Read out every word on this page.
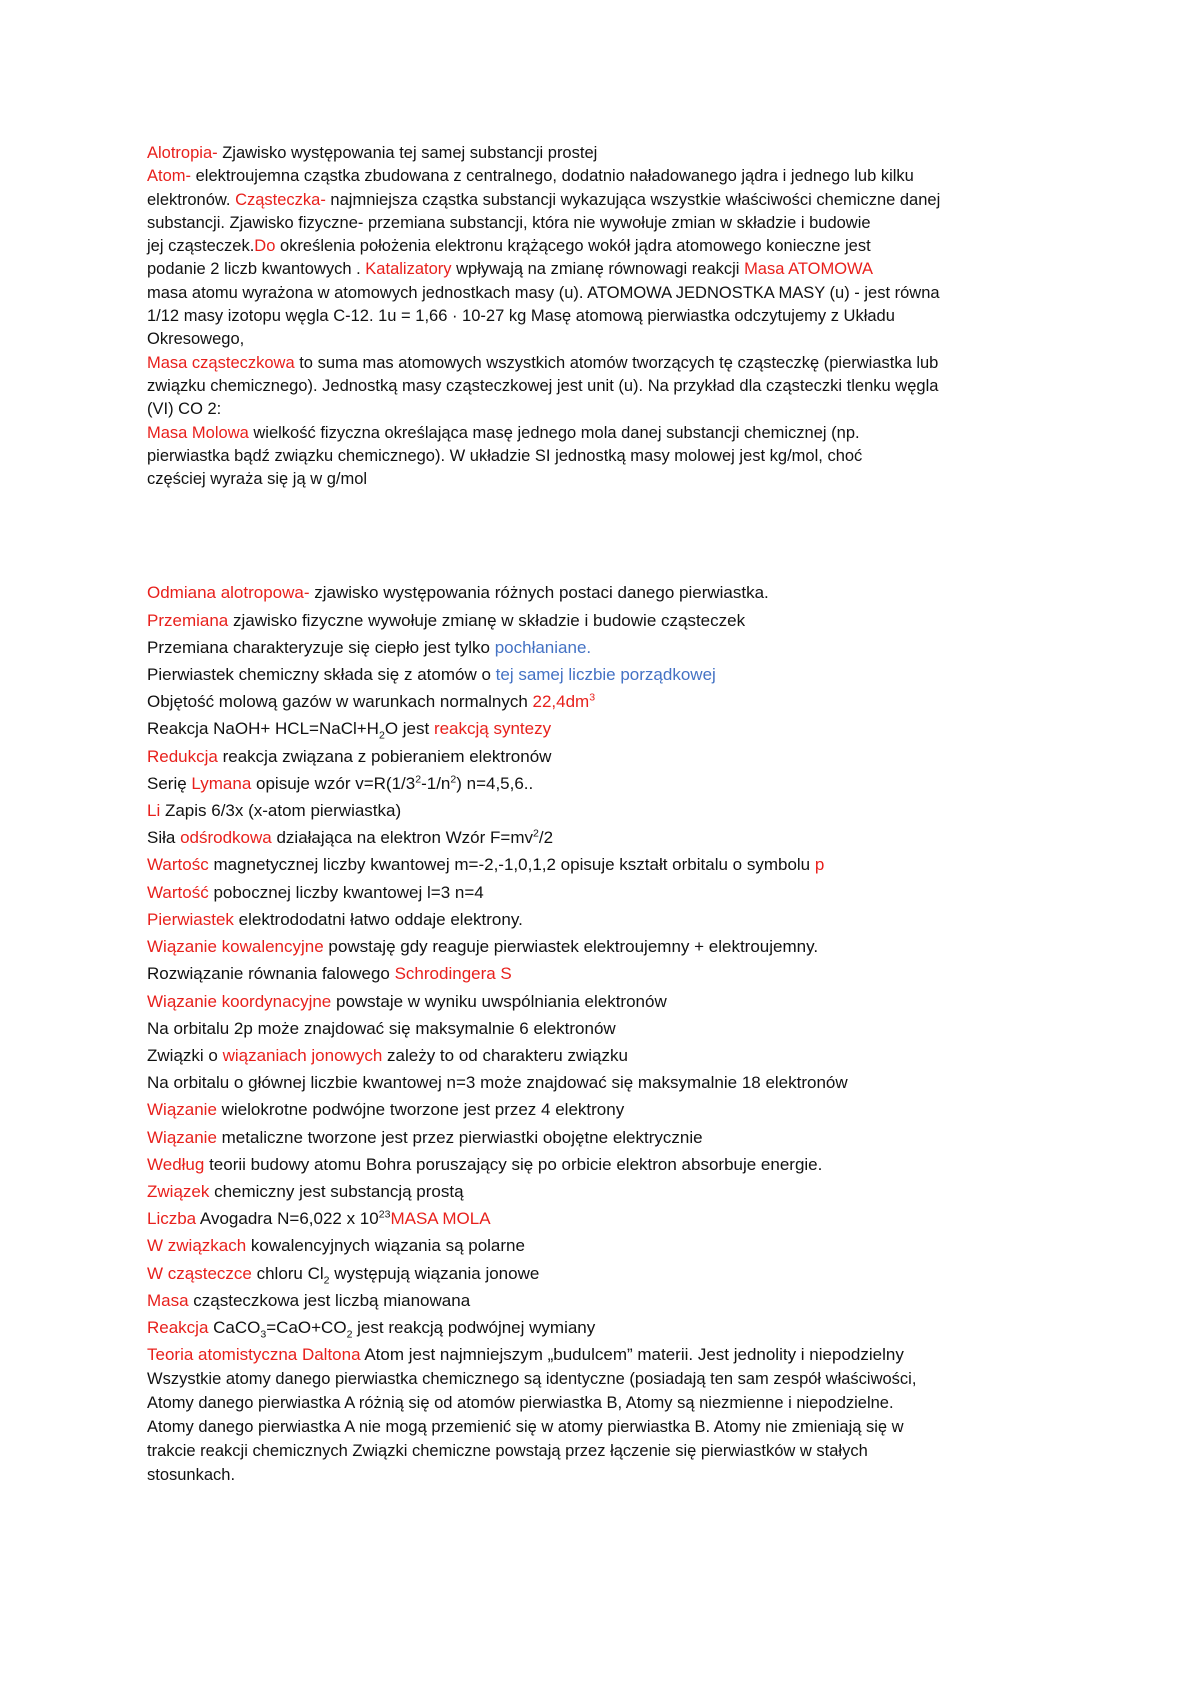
Alotropia- Zjawisko występowania tej samej substancji prostej
Atom- elektroujemna cząstka zbudowana z centralnego, dodatnio naładowanego jądra i jednego lub kilku
elektronów. Cząsteczka- najmniejsza cząstka substancji wykazująca wszystkie właściwości chemiczne danej
substancji. Zjawisko fizyczne- przemiana substancji, która nie wywołuje zmian w składzie i budowie
jej cząsteczek.Do określenia położenia elektronu krążącego wokół jądra atomowego konieczne jest
podanie 2 liczb kwantowych . Katalizatory wpływają na zmianę równowagi reakcji Masa ATOMOWA
masa atomu wyrażona w atomowych jednostkach masy (u). ATOMOWA JEDNOSTKA MASY (u) - jest równa
1/12 masy izotopu węgla C-12. 1u = 1,66 · 10-27 kg Masę atomową pierwiastka odczytujemy z Układu
Okresowego,
Masa cząsteczkowa to suma mas atomowych wszystkich atomów tworzących tę cząsteczkę (pierwiastka lub
związku chemicznego). Jednostką masy cząsteczkowej jest unit (u). Na przykład dla cząsteczki tlenku węgla
(VI) CO 2:
Masa Molowa wielkość fizyczna określająca masę jednego mola danej substancji chemicznej (np.
pierwiastka bądź związku chemicznego). W układzie SI jednostką masy molowej jest kg/mol, choć
częściej wyraża się ją w g/mol
Odmiana alotropowa- zjawisko występowania różnych postaci danego pierwiastka.
Przemiana zjawisko fizyczne wywołuje zmianę w składzie i budowie cząsteczek
Przemiana charakteryzuje się ciepło jest tylko pochłaniane.
Pierwiastek chemiczny składa się z atomów o tej samej liczbie porządkowej
Objętość molową gazów w warunkach normalnych $22,4dm^3$
Reakcja NaOH+ $HCL=NaCl+H_2O$ jest reakcją syntezy
Redukcja reakcja związana z pobieraniem elektronów
Serię Lymana opisuje wzór $v=R(1/3^2-1/n^2)$ n=4,5,6..
Li Zapis 6/3x (x-atom pierwiastka)
Siła odśrodkowa działająca na elektron Wzór $F=mv^2/2$
Wartośc magnetycznej liczby kwantowej m=-2,-1,0,1,2 opisuje kształt orbitalu o symbolu p
Wartość pobocznej liczby kwantowej l=3 n=4
Pierwiastek elektrododatni łatwo oddaje elektrony.
Wiązanie kowalencyjne powstaję gdy reaguje pierwiastek elektroujemny + elektroujemny.
Rozwiązanie równania falowego Schrodingera S
Wiązanie koordynacyjne powstaje w wyniku uwspólniania elektronów
Na orbitalu 2p może znajdować się maksymalnie 6 elektronów
Związki o wiązaniach jonowych zależy to od charakteru związku
Na orbitalu o głównej liczbie kwantowej n=3 może znajdować się maksymalnie 18 elektronów
Wiązanie wielokrotne podwójne tworzone jest przez 4 elektrony
Wiązanie metaliczne tworzone jest przez pierwiastki obojętne elektrycznie
Według teorii budowy atomu Bohra poruszający się po orbicie elektron absorbuje energie.
Związek chemiczny jest substancją prostą
Liczba Avogadra N=6,022 x $10^{23}MASA$ MOLA
W związkach kowalencyjnych wiązania są polarne
W cząsteczce chloru $Cl_2$ występują wiązania jonowe
Masa cząsteczkowa jest liczbą mianowana
Reakcja $CaCO_3=CaO+CO_2$ jest reakcją podwójnej wymiany
Teoria atomistyczna Daltona Atom jest najmniejszym „budulcem” materii. Jest jednolity i niepodzielny
Wszystkie atomy danego pierwiastka chemicznego są identyczne (posiadają ten sam zespół właściwości,
Atomy danego pierwiastka A różnią się od atomów pierwiastka B, Atomy są niezmienne i niepodzielne.
Atomy danego pierwiastka A nie mogą przemienić się w atomy pierwiastka B. Atomy nie zmieniają się w
trakcie reakcji chemicznych Związki chemiczne powstają przez łączenie się pierwiastków w stałych
stosunkach.
